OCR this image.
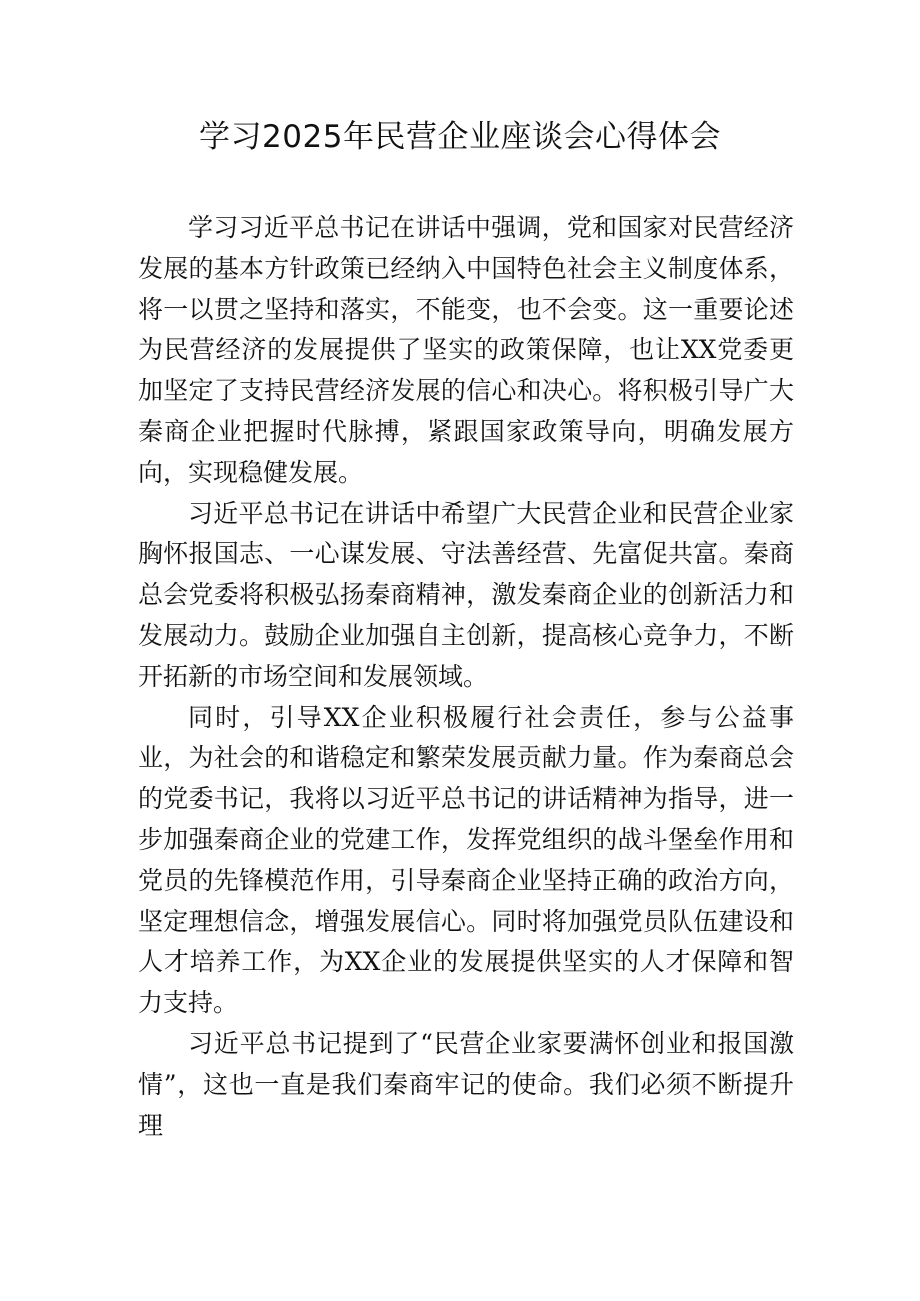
学习2025年民营企业座谈会心得体会

学习习近平总书记在讲话中强调，党和国家对民营经济发展的基本方针政策已经纳入中国特色社会主义制度体系，将一以贯之坚持和落实，不能变，也不会变。这一重要论述为民营经济的发展提供了坚实的政策保障，也让XX党委更加坚定了支持民营经济发展的信心和决心。将积极引导广大秦商企业把握时代脉搏，紧跟国家政策导向，明确发展方向，实现稳健发展。

习近平总书记在讲话中希望广大民营企业和民营企业家胸怀报国志、一心谋发展、守法善经营、先富促共富。秦商总会党委将积极弘扬秦商精神，激发秦商企业的创新活力和发展动力。鼓励企业加强自主创新，提高核心竞争力，不断开拓新的市场空间和发展领域。

同时，引导XX企业积极履行社会责任，参与公益事业，为社会的和谐稳定和繁荣发展贡献力量。作为秦商总会的党委书记，我将以习近平总书记的讲话精神为指导，进一步加强秦商企业的党建工作，发挥党组织的战斗堡垒作用和党员的先锋模范作用，引导秦商企业坚持正确的政治方向，坚定理想信念，增强发展信心。同时将加强党员队伍建设和人才培养工作，为XX企业的发展提供坚实的人才保障和智力支持。

习近平总书记提到了“民营企业家要满怀创业和报国激情”，这也一直是我们秦商牢记的使命。我们必须不断提升理
